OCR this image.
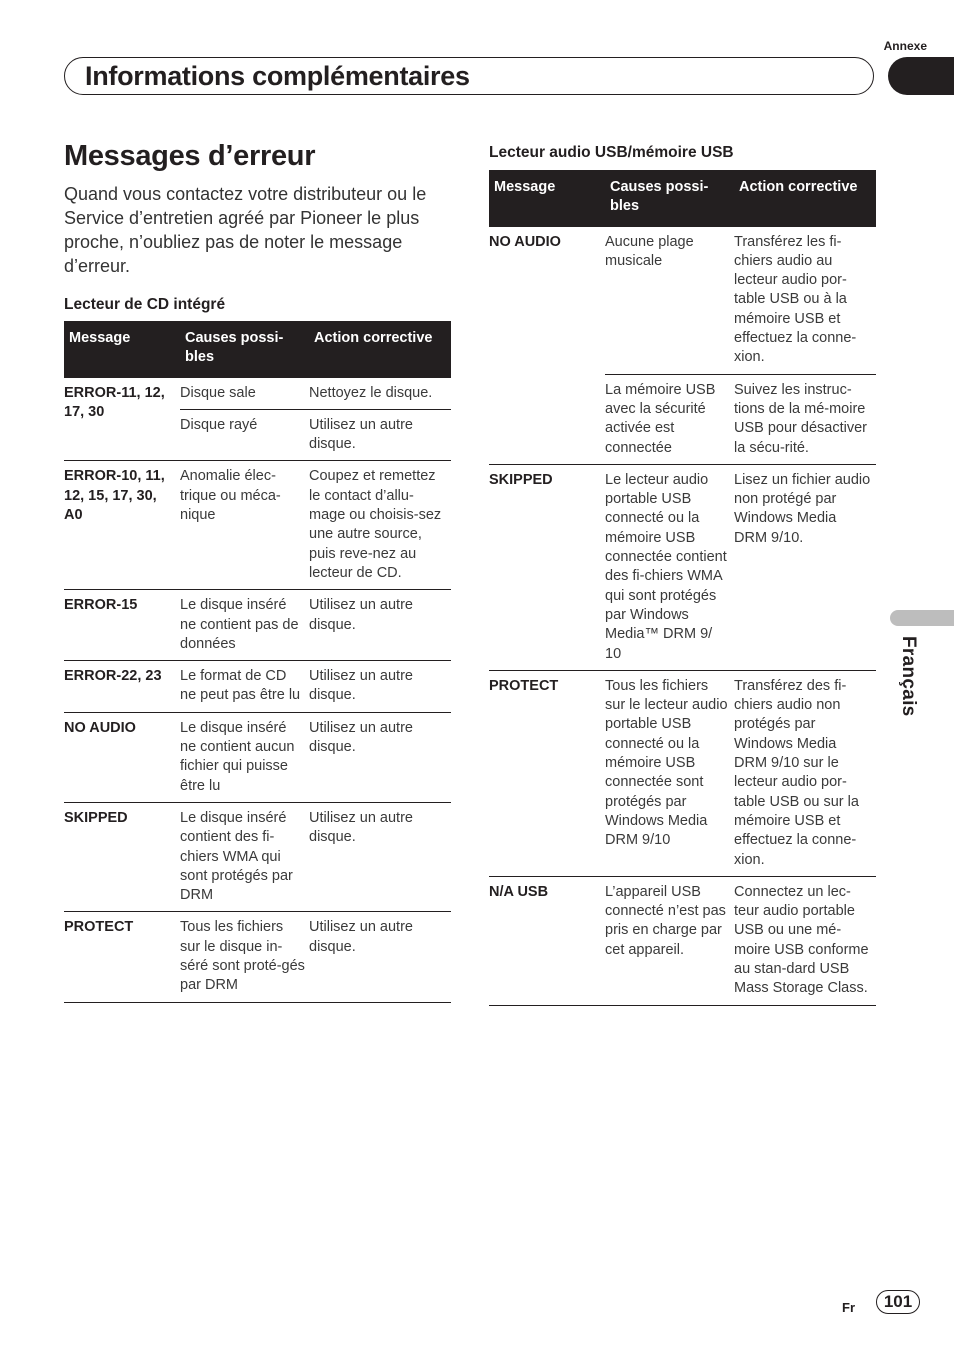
Annexe
Informations complémentaires
Français
Messages d’erreur

Quand vous contactez votre distributeur ou le Service d’entretien agréé par Pioneer le plus proche, n’oubliez pas de noter le message d’erreur.

Lecteur de CD intégré
Message	Causes possi-bles	Action corrective
ERROR-11, 12, 17, 30	Disque sale	Nettoyez le disque.
	Disque rayé	Utilisez un autre disque.
ERROR-10, 11, 12, 15, 17, 30, A0	Anomalie élec-trique ou méca-nique	Coupez et remettez le contact d’allu-mage ou choisis-sez une autre source, puis reve-nez au lecteur de CD.
ERROR-15	Le disque inséré ne contient pas de données	Utilisez un autre disque.
ERROR-22, 23	Le format de CD ne peut pas être lu	Utilisez un autre disque.
NO AUDIO	Le disque inséré ne contient aucun fichier qui puisse être lu	Utilisez un autre disque.
SKIPPED	Le disque inséré contient des fi-chiers WMA qui sont protégés par DRM	Utilisez un autre disque.
PROTECT	Tous les fichiers sur le disque in-séré sont proté-gés par DRM	Utilisez un autre disque.
Lecteur audio USB/mémoire USB
Message	Causes possi-bles	Action corrective
NO AUDIO	Aucune plage musicale	Transférez les fi-chiers audio au lecteur audio por-table USB ou à la mémoire USB et effectuez la conne-xion.
	La mémoire USB avec la sécurité activée est connectée	Suivez les instruc-tions de la mé-moire USB pour désactiver la sécu-rité.
SKIPPED	Le lecteur audio portable USB connecté ou la mémoire USB connectée contient des fi-chiers WMA qui sont protégés par Windows Media™ DRM 9/ 10	Lisez un fichier audio non protégé par Windows Media DRM 9/10.
PROTECT	Tous les fichiers sur le lecteur audio portable USB connecté ou la mémoire USB connectée sont protégés par Windows Media DRM 9/10	Transférez des fi-chiers audio non protégés par Windows Media DRM 9/10 sur le lecteur audio por-table USB ou sur la mémoire USB et effectuez la conne-xion.
N/A USB	L’appareil USB connecté n’est pas pris en charge par cet appareil.	Connectez un lec-teur audio portable USB ou une mé-moire USB conforme au stan-dard USB Mass Storage Class.
Fr	101
